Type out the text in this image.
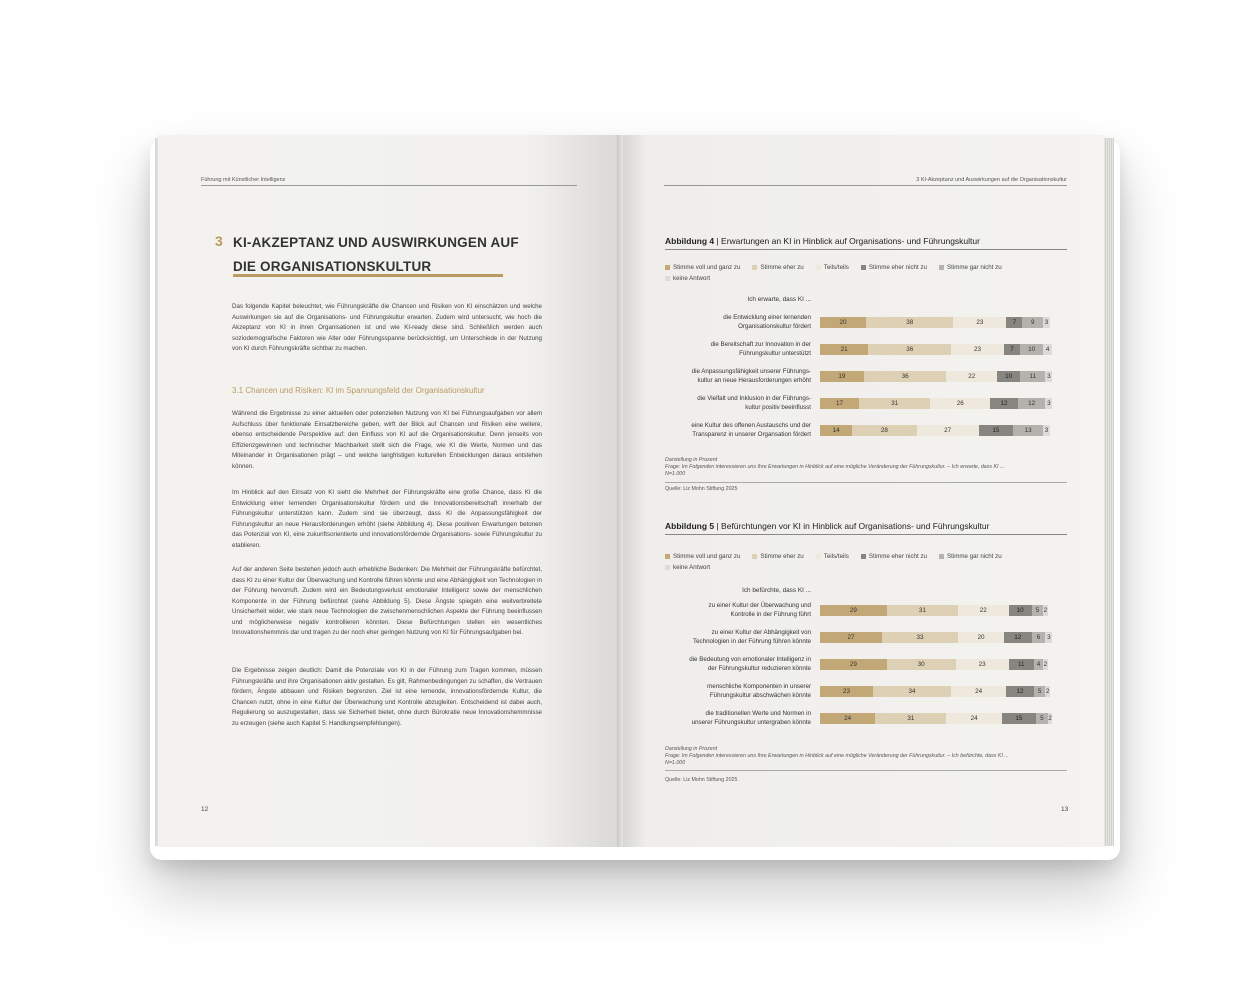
Führung mit Künstlicher Intelligenz
3 KI-AKZEPTANZ UND AUSWIRKUNGEN AUF
DIE ORGANISATIONSKULTUR

Das folgende Kapitel beleuchtet, wie Führungskräfte die Chancen und Risiken von KI einschätzen und welche Auswirkungen sie auf die Organisations- und Führungskultur erwarten. Zudem wird untersucht, wie hoch die Akzeptanz von KI in ihren Organisationen ist und wie KI-ready diese sind. Schließlich werden auch soziodemografische Faktoren wie Alter oder Führungsspanne berücksichtigt, um Unterschiede in der Nutzung von KI durch Führungskräfte sichtbar zu machen.

3.1 Chancen und Risiken: KI im Spannungsfeld der Organisationskultur

Während die Ergebnisse zu einer aktuellen oder potenziellen Nutzung von KI bei Führungsaufgaben vor allem Aufschluss über funktionale Einsatzbereiche geben, wirft der Blick auf Chancen und Risiken eine weitere, ebenso entscheidende Perspektive auf: den Einfluss von KI auf die Organisationskultur. Denn jenseits von Effizienzgewinnen und technischer Machbarkeit stellt sich die Frage, wie KI die Werte, Normen und das Miteinander in Organisationen prägt – und welche langfristigen kulturellen Entwicklungen daraus entstehen können.

Im Hinblick auf den Einsatz von KI sieht die Mehrheit der Führungskräfte eine große Chance, dass KI die Entwicklung einer lernenden Organisationskultur fördern und die Innovationsbereitschaft innerhalb der Führungskultur unterstützen kann. Zudem sind sie überzeugt, dass KI die Anpassungsfähigkeit der Führungskultur an neue Herausforderungen erhöht (siehe Abbildung 4). Diese positiven Erwartungen betonen das Potenzial von KI, eine zukunftsorientierte und innovationsfördernde Organisations- sowie Führungskultur zu etablieren.

Auf der anderen Seite bestehen jedoch auch erhebliche Bedenken: Die Mehrheit der Führungskräfte befürchtet, dass KI zu einer Kultur der Überwachung und Kontrolle führen könnte und eine Abhängigkeit von Technologien in der Führung hervorruft. Zudem wird ein Bedeutungsverlust emotionaler Intelligenz sowie der menschlichen Komponente in der Führung befürchtet (siehe Abbildung 5). Diese Ängste spiegeln eine weitverbreitete Unsicherheit wider, wie stark neue Technologien die zwischenmenschlichen Aspekte der Führung beeinflussen und möglicherweise negativ kontrollieren könnten. Diese Befürchtungen stellen ein wesentliches Innovationshemmnis dar und tragen zu der noch eher geringen Nutzung von KI für Führungsaufgaben bei.

Die Ergebnisse zeigen deutlich: Damit die Potenziale von KI in der Führung zum Tragen kommen, müssen Führungskräfte und ihre Organisationen aktiv gestalten. Es gilt, Rahmenbedingungen zu schaffen, die Vertrauen fördern, Ängste abbauen und Risiken begrenzen. Ziel ist eine lernende, innovationsfördernde Kultur, die Chancen nutzt, ohne in eine Kultur der Überwachung und Kontrolle abzugleiten. Entscheidend ist dabei auch, Regulierung so auszugestalten, dass sie Sicherheit bietet, ohne durch Bürokratie neue Innovationshemmnisse zu erzeugen (siehe auch Kapitel 5: Handlungsempfehlungen).

12
3 KI-Akzeptanz und Auswirkungen auf die Organisationskultur
Abbildung 4 | Erwartungen an KI in Hinblick auf Organisations- und Führungskultur
Stimme voll und ganz zu	Stimme eher zu	Teils/teils	Stimme eher nicht zu	Stimme gar nicht zu
keine Antwort
Ich erwarte, dass KI ...
die Entwicklung einer lernenden
Organisationskultur fördert	20	38	23	7	9	3
die Bereitschaft zur Innovation in der
Führungskultur unterstützt	21	36	23	7	10	4
die Anpassungsfähigkeit unserer Führungs-
kultur an neue Herausforderungen erhöht	19	36	22	10	11	3
die Vielfalt und Inklusion in der Führungs-
kultur positiv beeinflusst	17	31	26	12	12	3
eine Kultur des offenen Austauschs und der
Transparenz in unserer Organsation fördert	14	28	27	15	13	3
Darstellung in Prozent
Frage: Im Folgenden interessieren uns Ihre Erwartungen in Hinblick auf eine mögliche Veränderung der Führungskultur. – Ich erwarte, dass KI ...
N=1.000
Quelle: Liz Mohn Stiftung 2025
Abbildung 5 | Befürchtungen vor KI in Hinblick auf Organisations- und Führungskultur
Stimme voll und ganz zu	Stimme eher zu	Teils/teils	Stimme eher nicht zu	Stimme gar nicht zu
keine Antwort
Ich befürchte, dass KI ...
zu einer Kultur der Überwachung und
Kontrolle in der Führung führt	29	31	22	10	5 2
zu einer Kultur der Abhängigkeit von
Technologien in der Führung führen könnte	27	33	20	12	6	3
die Bedeutung von emotionaler Intelligenz in
der Führungskultur reduzieren könnte	29	30	23	11	4 2
menschliche Komponenten in unserer
Führungskultur abschwächen könnte	23	34	24	12	5 2
die traditionellen Werte und Normen in
unserer Führungskultur untergraben könnte	24	31	24	15	5 2
Darstellung in Prozent
Frage: Im Folgenden interessieren uns Ihre Erwartungen in Hinblick auf eine mögliche Veränderung der Führungskultur. – Ich befürchte, dass KI ...
N=1.000
Quelle: Liz Mohn Stiftung 2025
13
